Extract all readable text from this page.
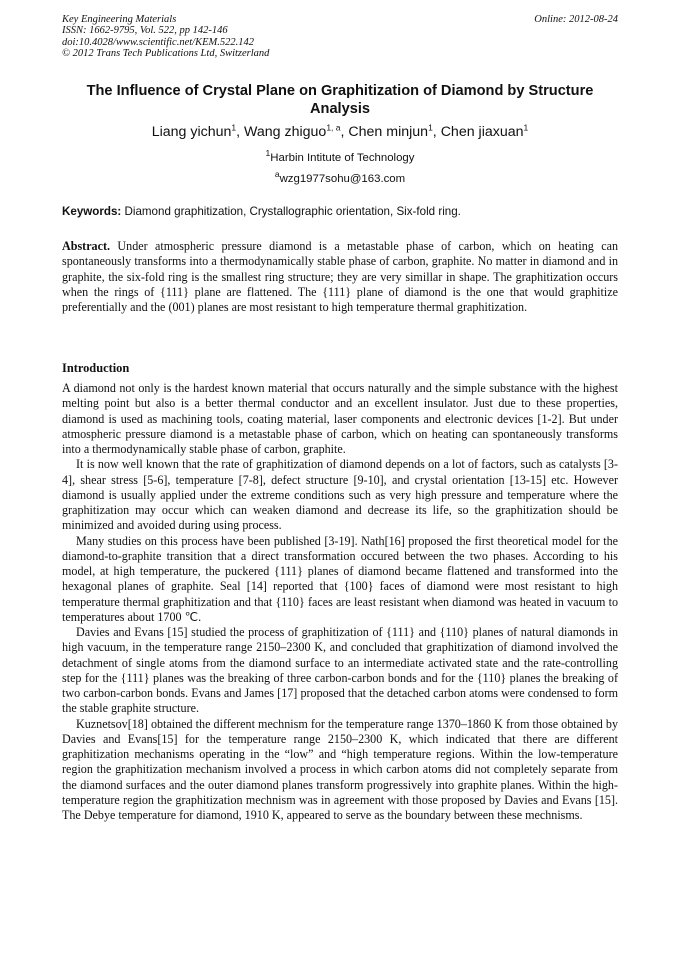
Key Engineering Materials
ISSN: 1662-9795, Vol. 522, pp 142-146
doi:10.4028/www.scientific.net/KEM.522.142
© 2012 Trans Tech Publications Ltd, Switzerland
Online: 2012-08-24
The Influence of Crystal Plane on Graphitization of Diamond by Structure
Analysis
Liang yichun$^1$, Wang zhiguo$^{1, a}$, Chen minjun$^1$, Chen jiaxuan$^1$
$^1$Harbin Intitute of Technology
$^a$wzg1977sohu@163.com
Keywords: Diamond graphitization, Crystallographic orientation, Six-fold ring.
Abstract. Under atmospheric pressure diamond is a metastable phase of carbon, which on heating can spontaneously transforms into a thermodynamically stable phase of carbon, graphite. No matter in diamond and in graphite, the six-fold ring is the smallest ring structure; they are very simillar in shape. The graphitization occurs when the rings of {111} plane are flattened. The {111} plane of diamond is the one that would graphitize preferentially and the (001) planes are most resistant to high temperature thermal graphitization.
Introduction

A diamond not only is the hardest known material that occurs naturally and the simple substance with the highest melting point but also is a better thermal conductor and an excellent insulator. Just due to these properties, diamond is used as machining tools, coating material, laser components and electronic devices [1-2]. But under atmospheric pressure diamond is a metastable phase of carbon, which on heating can spontaneously transforms into a thermodynamically stable phase of carbon, graphite.

It is now well known that the rate of graphitization of diamond depends on a lot of factors, such as catalysts [3-4], shear stress [5-6], temperature [7-8], defect structure [9-10], and crystal orientation [13-15] etc. However diamond is usually applied under the extreme conditions such as very high pressure and temperature where the graphitization may occur which can weaken diamond and decrease its life, so the graphitization should be minimized and avoided during using process.

Many studies on this process have been published [3-19]. Nath[16] proposed the first theoretical model for the diamond-to-graphite transition that a direct transformation occured between the two phases. According to his model, at high temperature, the puckered {111} planes of diamond became flattened and transformed into the hexagonal planes of graphite. Seal [14] reported that {100} faces of diamond were most resistant to high temperature thermal graphitization and that {110} faces are least resistant when diamond was heated in vacuum to temperatures about 1700 ℃.

Davies and Evans [15] studied the process of graphitization of {111} and {110} planes of natural diamonds in high vacuum, in the temperature range 2150–2300 K, and concluded that graphitization of diamond involved the detachment of single atoms from the diamond surface to an intermediate activated state and the rate-controlling step for the {111} planes was the breaking of three carbon-carbon bonds and for the {110} planes the breaking of two carbon-carbon bonds. Evans and James [17] proposed that the detached carbon atoms were condensed to form the stable graphite structure.

Kuznetsov[18] obtained the different mechnism for the temperature range 1370–1860 K from those obtained by Davies and Evans[15] for the temperature range 2150–2300 K, which indicated that there are different graphitization mechanisms operating in the “low” and “high temperature regions. Within the low-temperature region the graphitization mechanism involved a process in which carbon atoms did not completely separate from the diamond surfaces and the outer diamond planes transform progressively into graphite planes. Within the high-temperature region the graphitization mechnism was in agreement with those proposed by Davies and Evans [15]. The Debye temperature for diamond, 1910 K, appeared to serve as the boundary between these mechnisms.
